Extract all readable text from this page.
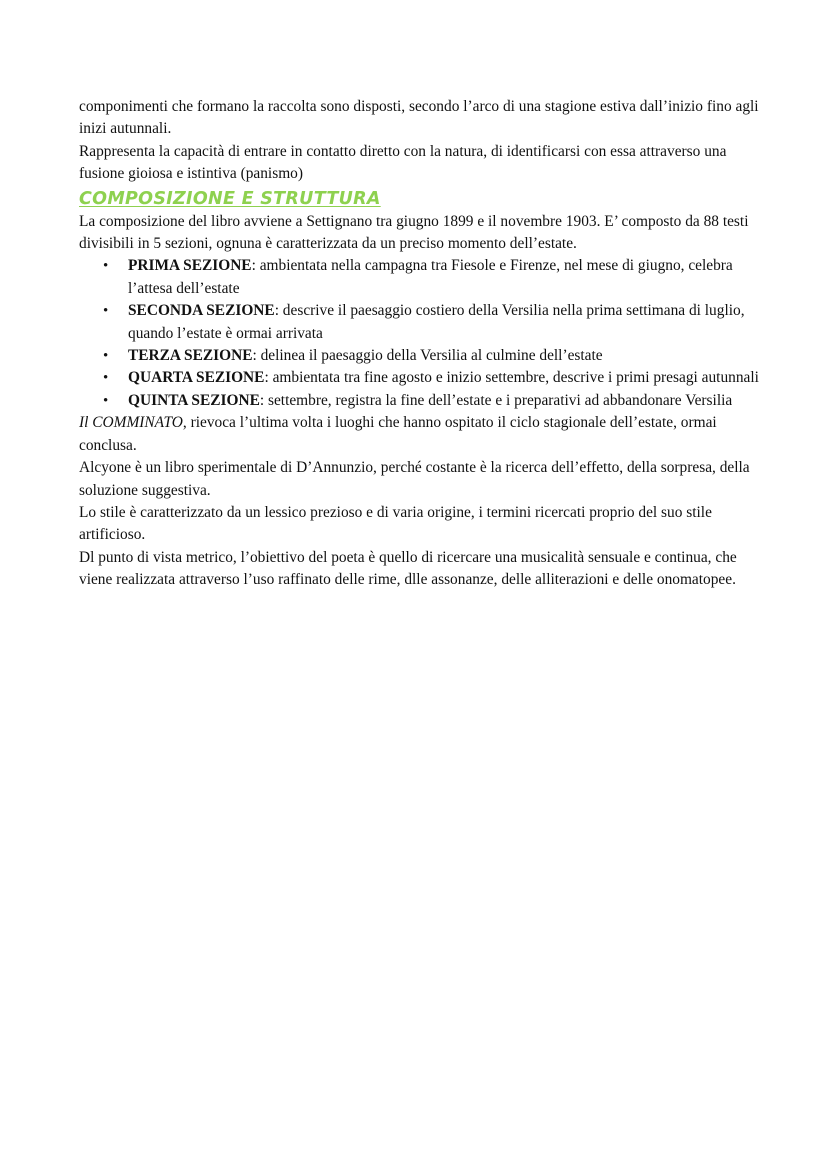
componimenti che formano la raccolta sono disposti, secondo l’arco di una stagione estiva dall’inizio fino agli inizi autunnali.

Rappresenta la capacità di entrare in contatto diretto con la natura, di identificarsi con essa attraverso una fusione gioiosa e istintiva (panismo)

COMPOSIZIONE E STRUTTURA

La composizione del libro avviene a Settignano tra giugno 1899 e il novembre 1903. E’ composto da 88 testi divisibili in 5 sezioni, ognuna è caratterizzata da un preciso momento dell’estate.

• PRIMA SEZIONE: ambientata nella campagna tra Fiesole e Firenze, nel mese di giugno, celebra l’attesa dell’estate
• SECONDA SEZIONE: descrive il paesaggio costiero della Versilia nella prima settimana di luglio, quando l’estate è ormai arrivata
• TERZA SEZIONE: delinea il paesaggio della Versilia al culmine dell’estate
• QUARTA SEZIONE: ambientata tra fine agosto e inizio settembre, descrive i primi presagi autunnali
• QUINTA SEZIONE: settembre, registra la fine dell’estate e i preparativi ad abbandonare Versilia

Il COMMINATO, rievoca l’ultima volta i luoghi che hanno ospitato il ciclo stagionale dell’estate, ormai conclusa.

Alcyone è un libro sperimentale di D’Annunzio, perché costante è la ricerca dell’effetto, della sorpresa, della soluzione suggestiva.

Lo stile è caratterizzato da un lessico prezioso e di varia origine, i termini ricercati proprio del suo stile artificioso.

Dl punto di vista metrico, l’obiettivo del poeta è quello di ricercare una musicalità sensuale e continua, che viene realizzata attraverso l’uso raffinato delle rime, dlle assonanze, delle alliterazioni e delle onomatopee.
